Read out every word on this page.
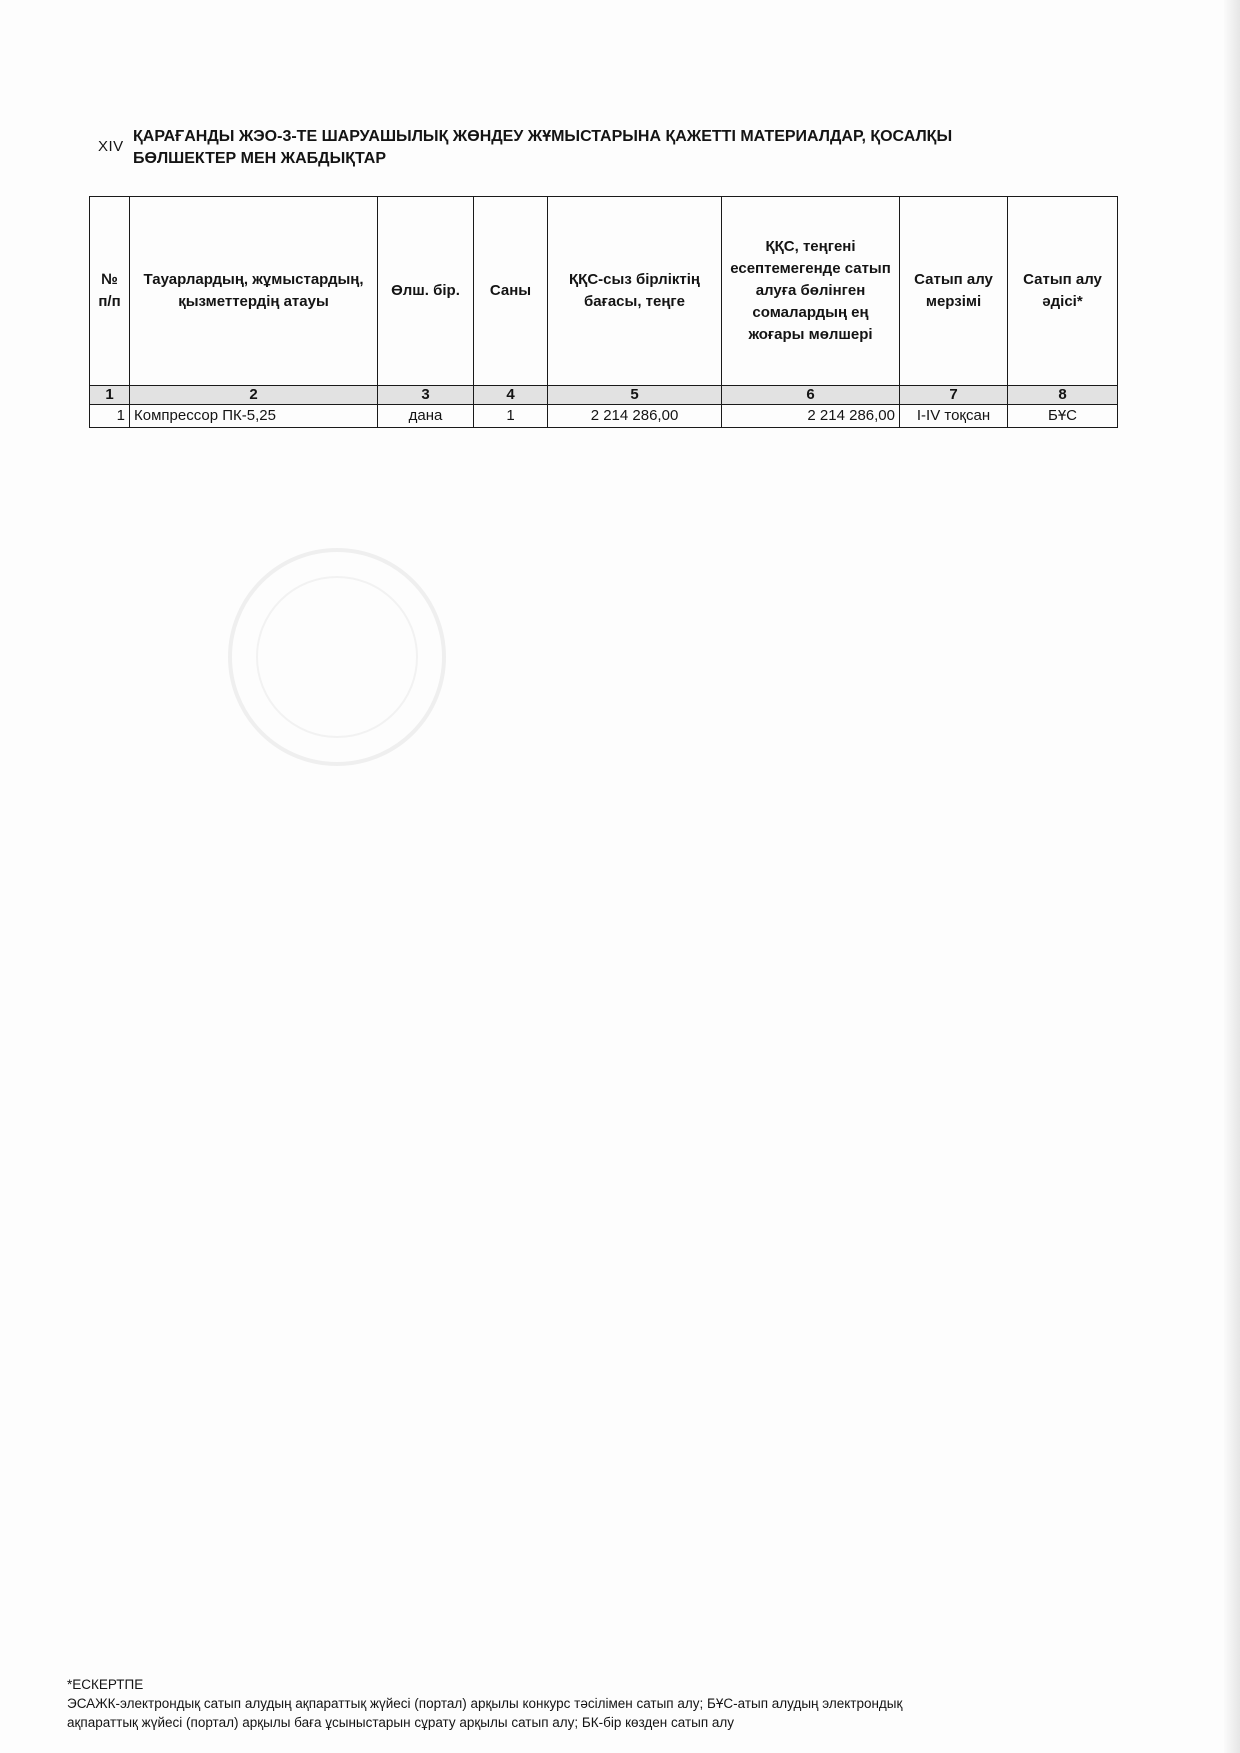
XIV
ҚАРАҒАНДЫ ЖЭО-3-ТЕ ШАРУАШЫЛЫҚ ЖӨНДЕУ ЖҰМЫСТАРЫНА ҚАЖЕТТІ МАТЕРИАЛДАР, ҚОСАЛҚЫ
БӨЛШЕКТЕР МЕН ЖАБДЫҚТАР
№ п/п	Тауарлардың, жұмыстардың, қызметтердің атауы	Өлш. бір.	Саны	ҚҚС-сыз бірліктің бағасы, теңге	ҚҚС, теңгені есептемегенде сатып алуға бөлінген сомалардың ең жоғары мөлшері	Сатып алу мерзімі	Сатып алу әдісі*
1	2	3	4	5	6	7	8
1	Компрессор ПК-5,25	дана	1	2 214 286,00	2 214 286,00	I-IV тоқсан	БҰС
*ЕСКЕРТПЕ
ЭСАЖК-электрондық сатып алудың ақпараттық жүйесі (портал) арқылы конкурс тәсілімен сатып алу; БҰС-атып алудың электрондық
ақпараттық жүйесі (портал) арқылы баға ұсыныстарын сұрату арқылы сатып алу; БК-бір көзден сатып алу
